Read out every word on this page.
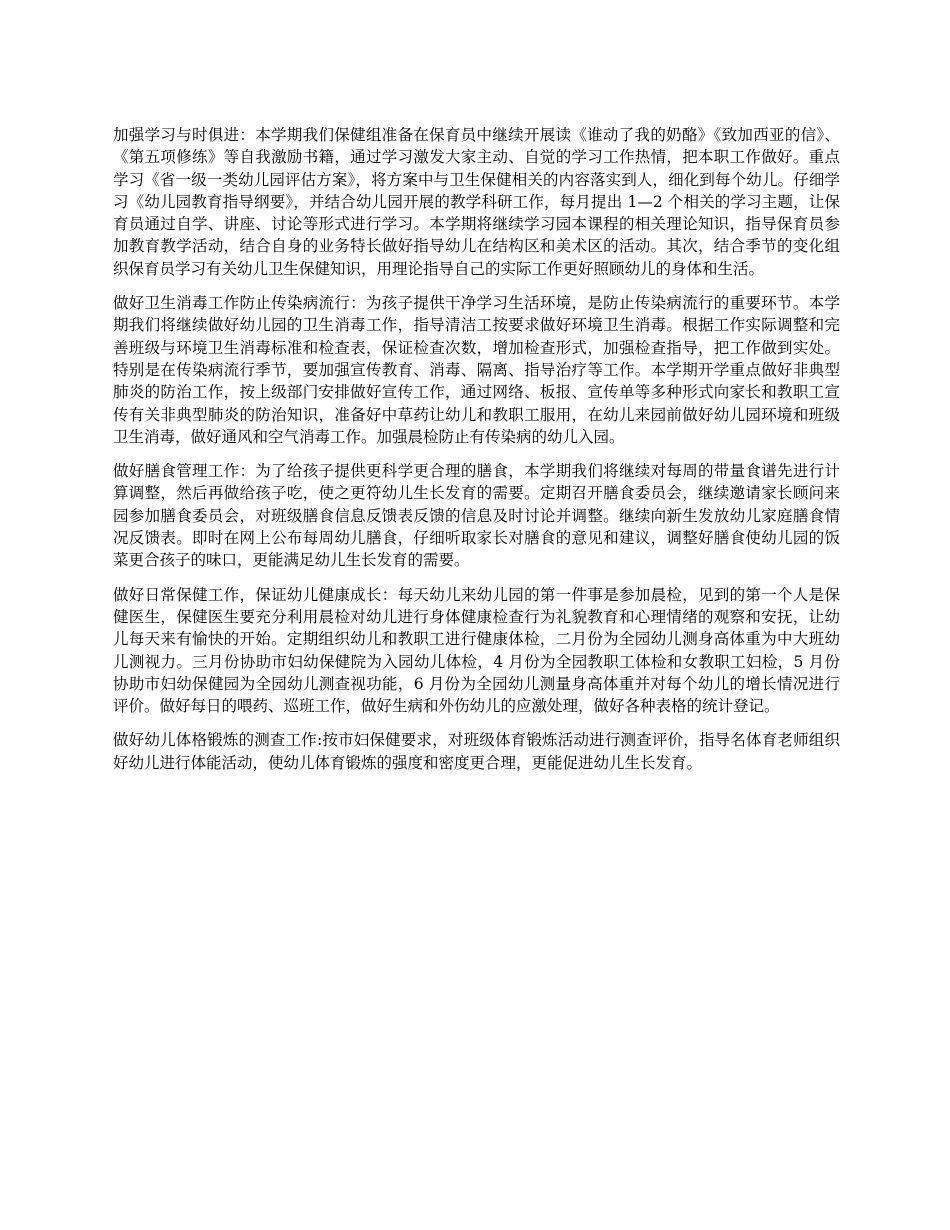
加强学习与时俱进：本学期我们保健组准备在保育员中继续开展读《谁动了我的奶酪》《致加西亚的信》、《第五项修练》等自我激励书籍，通过学习激发大家主动、自觉的学习工作热情，把本职工作做好。重点学习《省一级一类幼儿园评估方案》，将方案中与卫生保健相关的内容落实到人，细化到每个幼儿。仔细学习《幼儿园教育指导纲要》，并结合幼儿园开展的教学科研工作，每月提出 1—2 个相关的学习主题，让保育员通过自学、讲座、讨论等形式进行学习。本学期将继续学习园本课程的相关理论知识，指导保育员参加教育教学活动，结合自身的业务特长做好指导幼儿在结构区和美术区的活动。其次，结合季节的变化组织保育员学习有关幼儿卫生保健知识，用理论指导自己的实际工作更好照顾幼儿的身体和生活。

做好卫生消毒工作防止传染病流行：为孩子提供干净学习生活环境，是防止传染病流行的重要环节。本学期我们将继续做好幼儿园的卫生消毒工作，指导清洁工按要求做好环境卫生消毒。根据工作实际调整和完善班级与环境卫生消毒标准和检查表，保证检查次数，增加检查形式，加强检查指导，把工作做到实处。特别是在传染病流行季节，要加强宣传教育、消毒、隔离、指导治疗等工作。本学期开学重点做好非典型肺炎的防治工作，按上级部门安排做好宣传工作，通过网络、板报、宣传单等多种形式向家长和教职工宣传有关非典型肺炎的防治知识，准备好中草药让幼儿和教职工服用，在幼儿来园前做好幼儿园环境和班级卫生消毒，做好通风和空气消毒工作。加强晨检防止有传染病的幼儿入园。

做好膳食管理工作：为了给孩子提供更科学更合理的膳食，本学期我们将继续对每周的带量食谱先进行计算调整，然后再做给孩子吃，使之更符幼儿生长发育的需要。定期召开膳食委员会，继续邀请家长顾问来园参加膳食委员会，对班级膳食信息反馈表反馈的信息及时讨论并调整。继续向新生发放幼儿家庭膳食情况反馈表。即时在网上公布每周幼儿膳食，仔细听取家长对膳食的意见和建议，调整好膳食使幼儿园的饭菜更合孩子的味口，更能满足幼儿生长发育的需要。

做好日常保健工作，保证幼儿健康成长：每天幼儿来幼儿园的第一件事是参加晨检，见到的第一个人是保健医生，保健医生要充分利用晨检对幼儿进行身体健康检查行为礼貌教育和心理情绪的观察和安抚，让幼儿每天来有愉快的开始。定期组织幼儿和教职工进行健康体检，二月份为全园幼儿测身高体重为中大班幼儿测视力。三月份协助市妇幼保健院为入园幼儿体检，4 月份为全园教职工体检和女教职工妇检，5 月份协助市妇幼保健园为全园幼儿测查视功能，6 月份为全园幼儿测量身高体重并对每个幼儿的增长情况进行评价。做好每日的喂药、巡班工作，做好生病和外伤幼儿的应激处理，做好各种表格的统计登记。

做好幼儿体格锻炼的测查工作:按市妇保健要求，对班级体育锻炼活动进行测查评价，指导名体育老师组织好幼儿进行体能活动，使幼儿体育锻炼的强度和密度更合理，更能促进幼儿生长发育。
